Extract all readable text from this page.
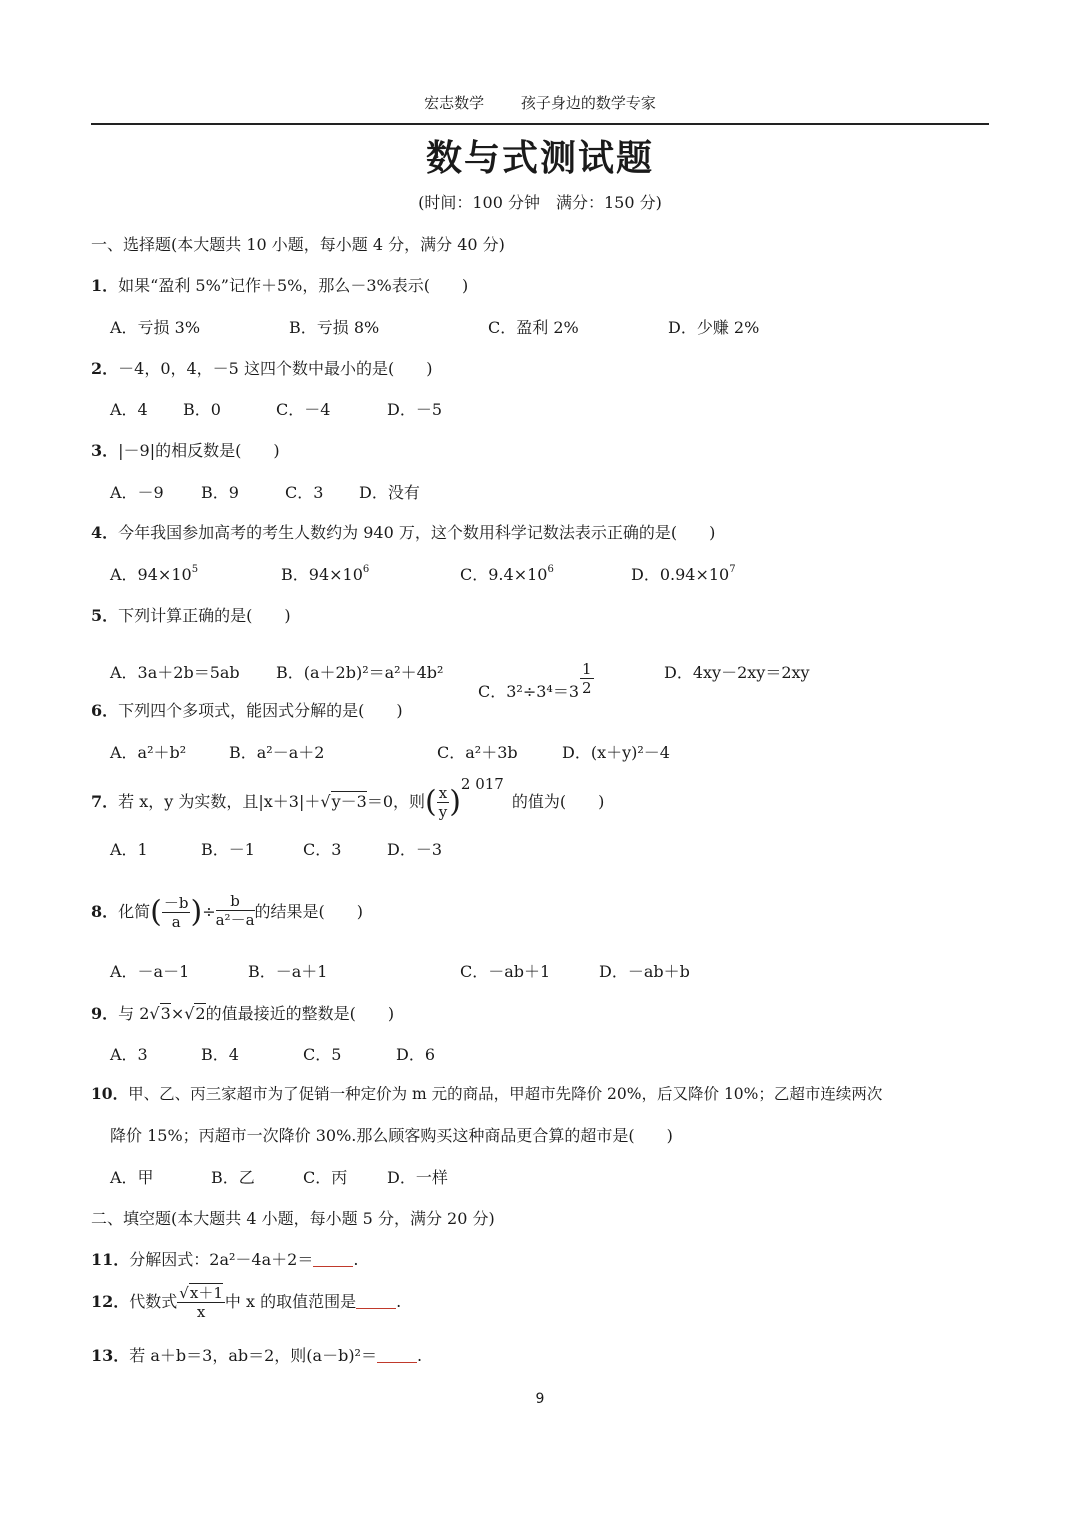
宏志数学 孩子身边的数学专家
数与式测试题
(时间：100 分钟　满分：150 分)
一、选择题(本大题共 10 小题，每小题 4 分，满分 40 分)
1．如果“盈利 5%”记作＋5%，那么－3%表示(　　)
A．亏损 3%	B．亏损 8%	C．盈利 2%	D．少赚 2%
2．－4，0，4，－5 这四个数中最小的是(　　)
A．4 B．0	C．－4	D．－5
3．|－9|的相反数是(　　)
A．－9 B．9	C．3 D．没有
4．今年我国参加高考的考生人数约为 940 万，这个数用科学记数法表示正确的是(　　)
A．$94\times 10^5$	B．$94\times 10^6$	C．$9.4\times 10^6$	D．$0.94\times 10^7$
5．下列计算正确的是(　　)
A．3a＋2b＝5ab B．(a＋2b)²＝a²＋4b²
C．$3^2\div 3^4=3 \frac{1}{2}$	D．4xy－2xy＝2xy
6．下列四个多项式，能因式分解的是(　　)
A．a²＋b²	B．a²－a＋2	C．a²＋3b	D．(x＋y)²－4
7．若 x，y 为实数，且|x＋3|＋√y－3＝0，则( $\frac{x}{y} )^{2 017}$的值为(　　)
A．1	B．－1	C．3	D．－3
8．化简( $\frac{-b}{a}$ )÷ $\frac{b}{\text{a²－a}}$ 的结果是(　　)
A．－a－1	B．－a＋1	C．－ab＋1	D．－ab＋b
9．与 2√3×√2的值最接近的整数是(　　)
A．3	B．4	C．5	D．6
10．甲、乙、丙三家超市为了促销一种定价为 m 元的商品，甲超市先降价 20%，后又降价 10%；乙超市连续两次
降价 15%；丙超市一次降价 30%.那么顾客购买这种商品更合算的超市是(　　)
A．甲	B．乙	C．丙 D．一样
二、填空题(本大题共 4 小题，每小题 5 分，满分 20 分)
11．分解因式：2a²－4a＋2＝	.
12．代数式 $\frac{√x+1}{x}$ 中 x 的取值范围是	.
13．若 a＋b＝3，ab＝2，则(a－b)²＝	.
9
